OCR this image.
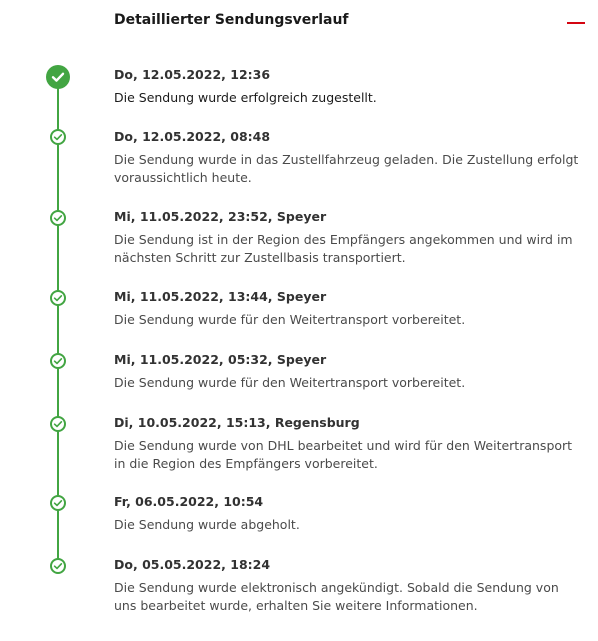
Detaillierter Sendungsverlauf
Do, 12.05.2022, 12:36
Die Sendung wurde erfolgreich zugestellt.
Do, 12.05.2022, 08:48
Die Sendung wurde in das Zustellfahrzeug geladen. Die Zustellung erfolgt voraussichtlich heute.
Mi, 11.05.2022, 23:52, Speyer
Die Sendung ist in der Region des Empfängers angekommen und wird im nächsten Schritt zur Zustellbasis transportiert.
Mi, 11.05.2022, 13:44, Speyer
Die Sendung wurde für den Weitertransport vorbereitet.
Mi, 11.05.2022, 05:32, Speyer
Die Sendung wurde für den Weitertransport vorbereitet.
Di, 10.05.2022, 15:13, Regensburg
Die Sendung wurde von DHL bearbeitet und wird für den Weitertransport in die Region des Empfängers vorbereitet.
Fr, 06.05.2022, 10:54
Die Sendung wurde abgeholt.
Do, 05.05.2022, 18:24
Die Sendung wurde elektronisch angekündigt. Sobald die Sendung von uns bearbeitet wurde, erhalten Sie weitere Informationen.
